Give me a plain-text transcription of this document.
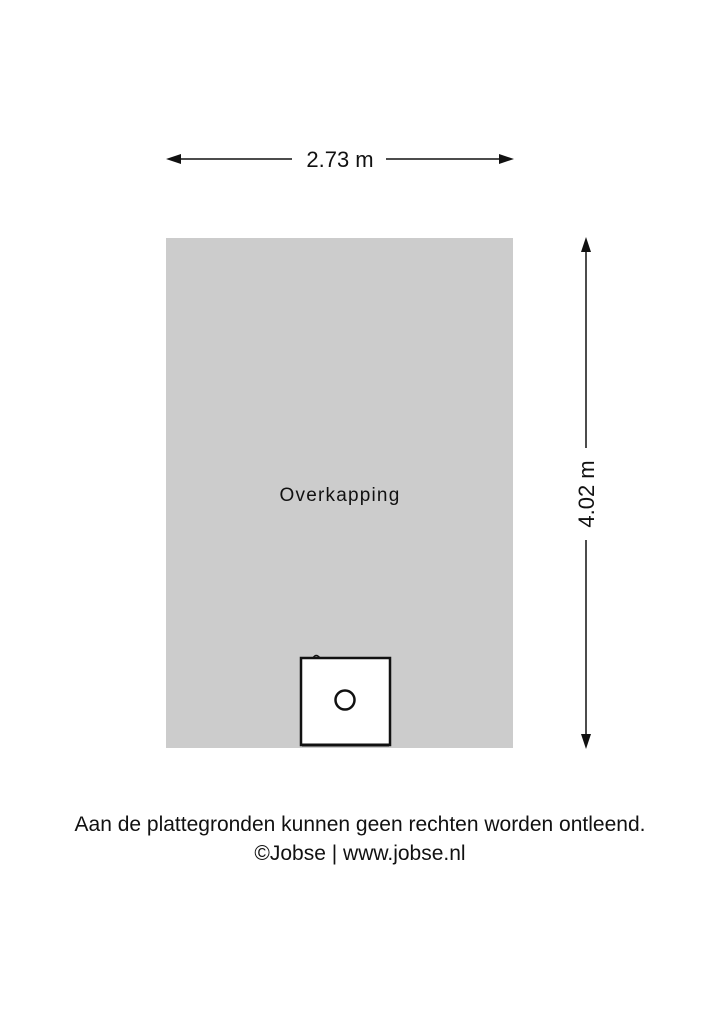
Overkapping
2.73 m
4.02 m
Aan de plattegronden kunnen geen rechten worden ontleend.
©Jobse | www.jobse.nl
